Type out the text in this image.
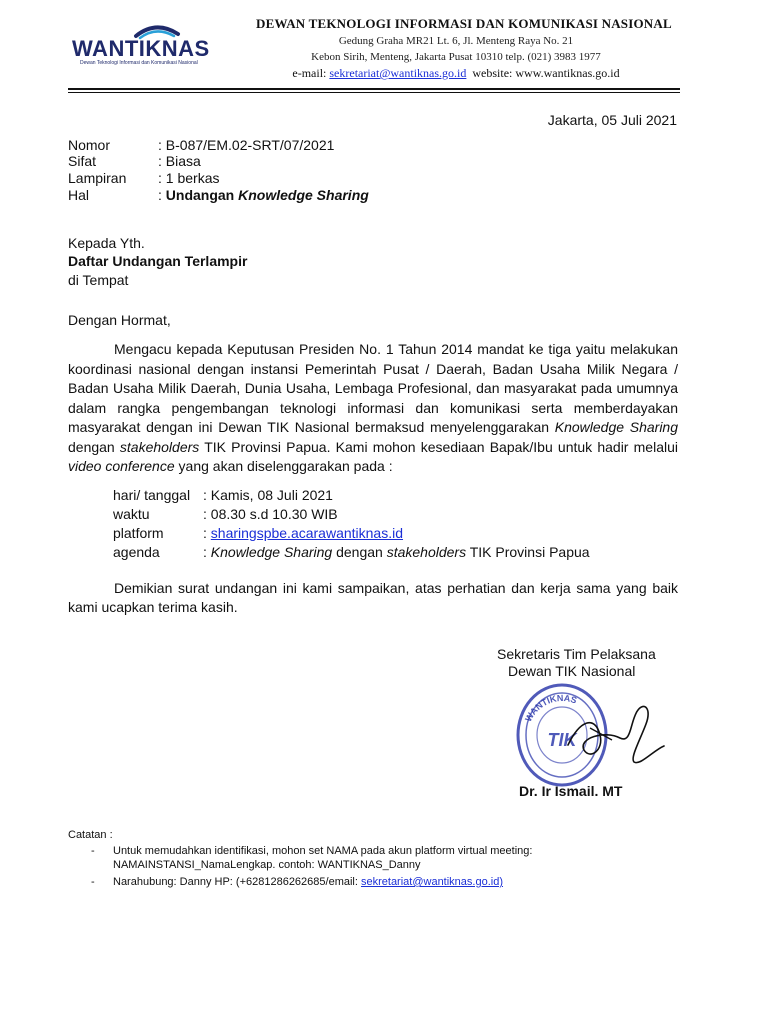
WANTIKNAS
Dewan Teknologi Informasi dan Komunikasi Nasional
DEWAN TEKNOLOGI INFORMASI DAN KOMUNIKASI NASIONAL
Gedung Graha MR21 Lt. 6, Jl. Menteng Raya No. 21
Kebon Sirih, Menteng, Jakarta Pusat 10310 telp. (021) 3983 1977
e-mail: sekretariat@wantiknas.go.id  website: www.wantiknas.go.id
Jakarta, 05 Juli 2021
Nomor	: B-087/EM.02-SRT/07/2021
Sifat	: Biasa
Lampiran : 1 berkas
Hal	: Undangan Knowledge Sharing
Kepada Yth.
Daftar Undangan Terlampir
di Tempat
Dengan Hormat,
Mengacu kepada Keputusan Presiden No. 1 Tahun 2014 mandat ke tiga yaitu melakukan koordinasi nasional dengan instansi Pemerintah Pusat / Daerah, Badan Usaha Milik Negara / Badan Usaha Milik Daerah, Dunia Usaha, Lembaga Profesional, dan masyarakat pada umumnya dalam rangka pengembangan teknologi informasi dan komunikasi serta memberdayakan masyarakat dengan ini Dewan TIK Nasional bermaksud menyelenggarakan Knowledge Sharing dengan stakeholders TIK Provinsi Papua. Kami mohon kesediaan Bapak/Ibu untuk hadir melalui video conference yang akan diselenggarakan pada :
hari/ tanggal : Kamis, 08 Juli 2021
waktu	: 08.30 s.d 10.30 WIB
platform	: sharingspbe.acarawantiknas.id
agenda	: Knowledge Sharing dengan stakeholders TIK Provinsi Papua
Demikian surat undangan ini kami sampaikan, atas perhatian dan kerja sama yang baik kami ucapkan terima kasih.
Sekretaris Tim Pelaksana
Dewan TIK Nasional
WANTIKNAS
TIK
Dr. Ir Ismail. MT
Catatan :
- Untuk memudahkan identifikasi, mohon set NAMA pada akun platform virtual meeting:
NAMAINSTANSI_NamaLengkap. contoh: WANTIKNAS_Danny
- Narahubung: Danny HP: (+6281286262685/email: sekretariat@wantiknas.go.id)
